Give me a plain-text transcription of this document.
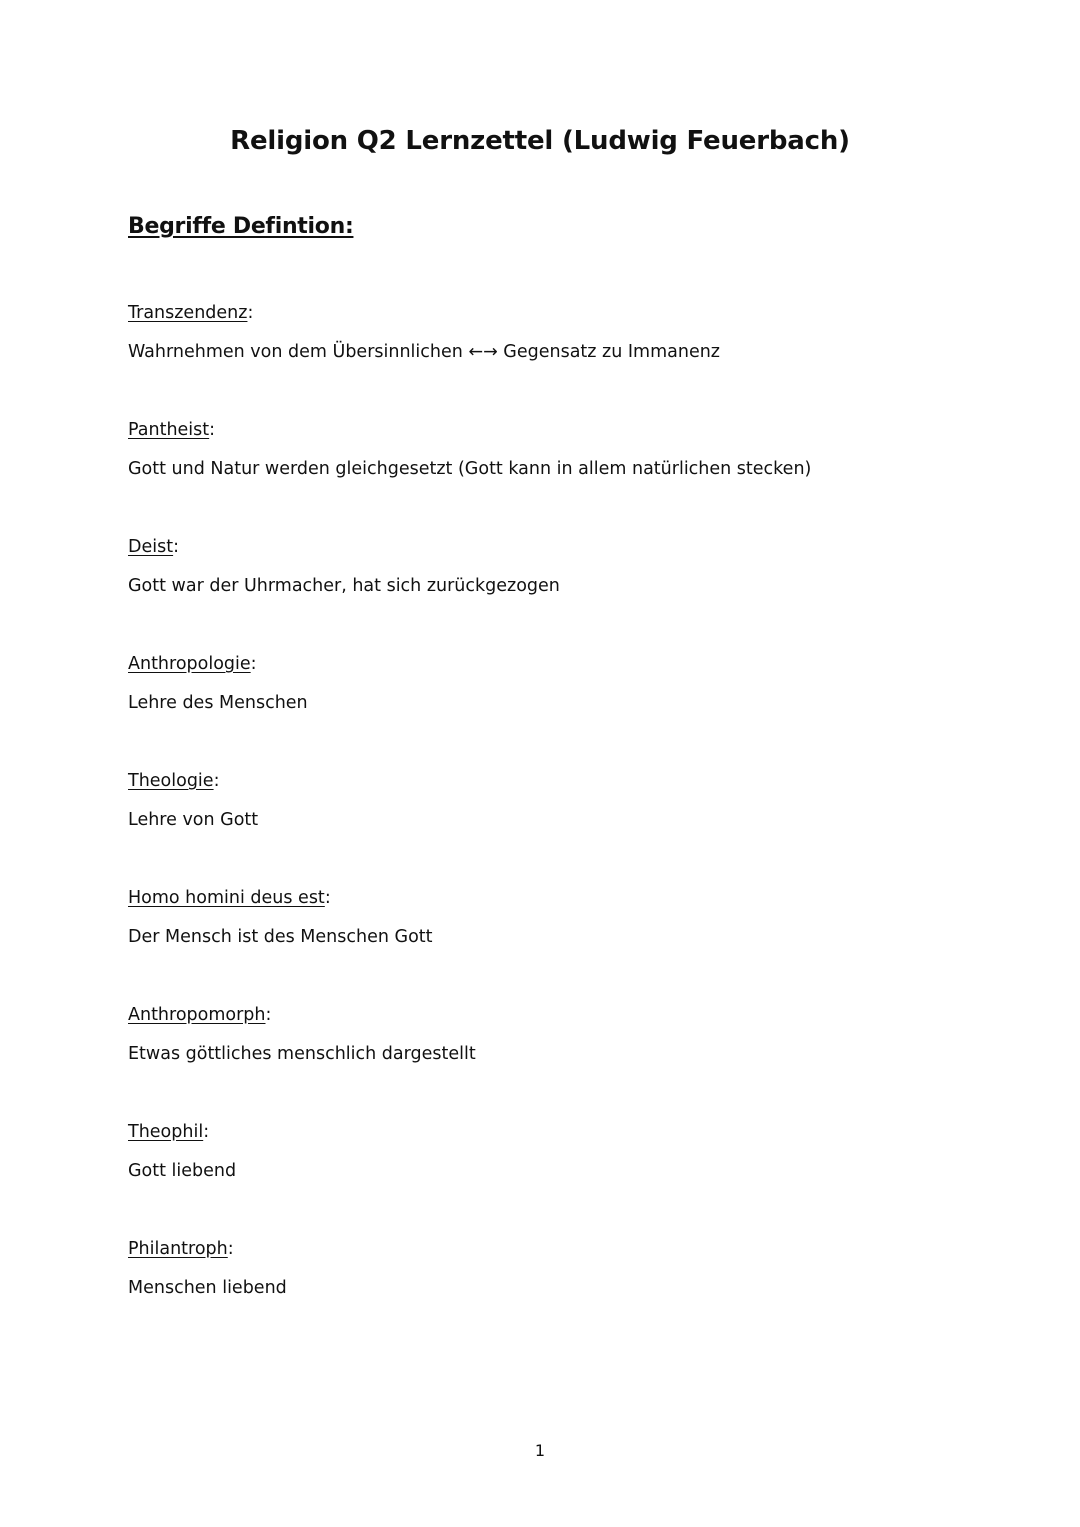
Religion Q2 Lernzettel (Ludwig Feuerbach)
Begriffe Defintion:
Transzendenz:
Wahrnehmen von dem Übersinnlichen ←→ Gegensatz zu Immanenz
Pantheist:
Gott und Natur werden gleichgesetzt (Gott kann in allem natürlichen stecken)
Deist:
Gott war der Uhrmacher, hat sich zurückgezogen
Anthropologie:
Lehre des Menschen
Theologie:
Lehre von Gott
Homo homini deus est:
Der Mensch ist des Menschen Gott
Anthropomorph:
Etwas göttliches menschlich dargestellt
Theophil:
Gott liebend
Philantroph:
Menschen liebend
1
